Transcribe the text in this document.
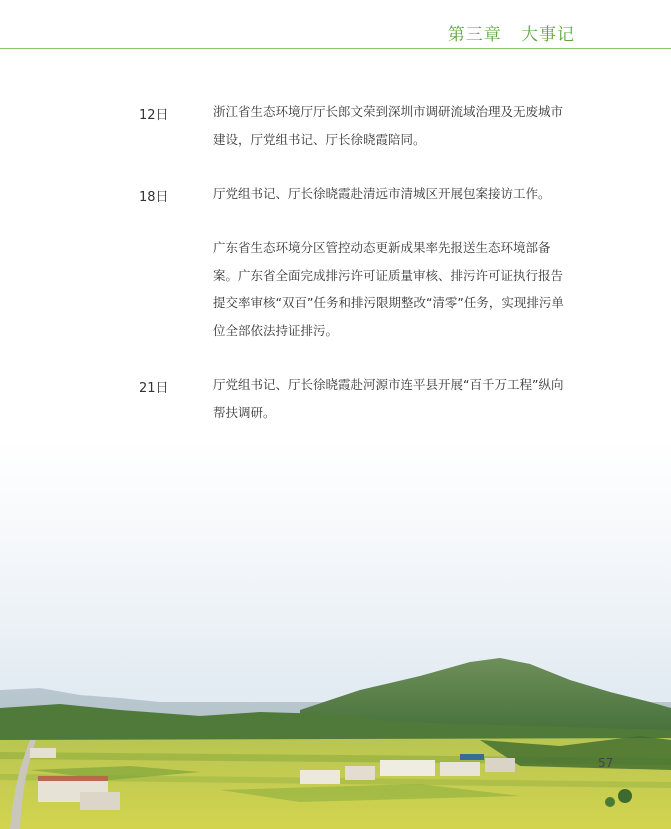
第三章   大事记
12日	浙江省生态环境厅厅长郎文荣到深圳市调研流域治理及无废城市建设，厅党组书记、厅长徐晓霞陪同。
18日	厅党组书记、厅长徐晓霞赴清远市清城区开展包案接访工作。
广东省生态环境分区管控动态更新成果率先报送生态环境部备案。广东省全面完成排污许可证质量审核、排污许可证执行报告提交率审核“双百”任务和排污限期整改“清零”任务，实现排污单位全部依法持证排污。
21日	厅党组书记、厅长徐晓霞赴河源市连平县开展“百千万工程”纵向帮扶调研。
57
